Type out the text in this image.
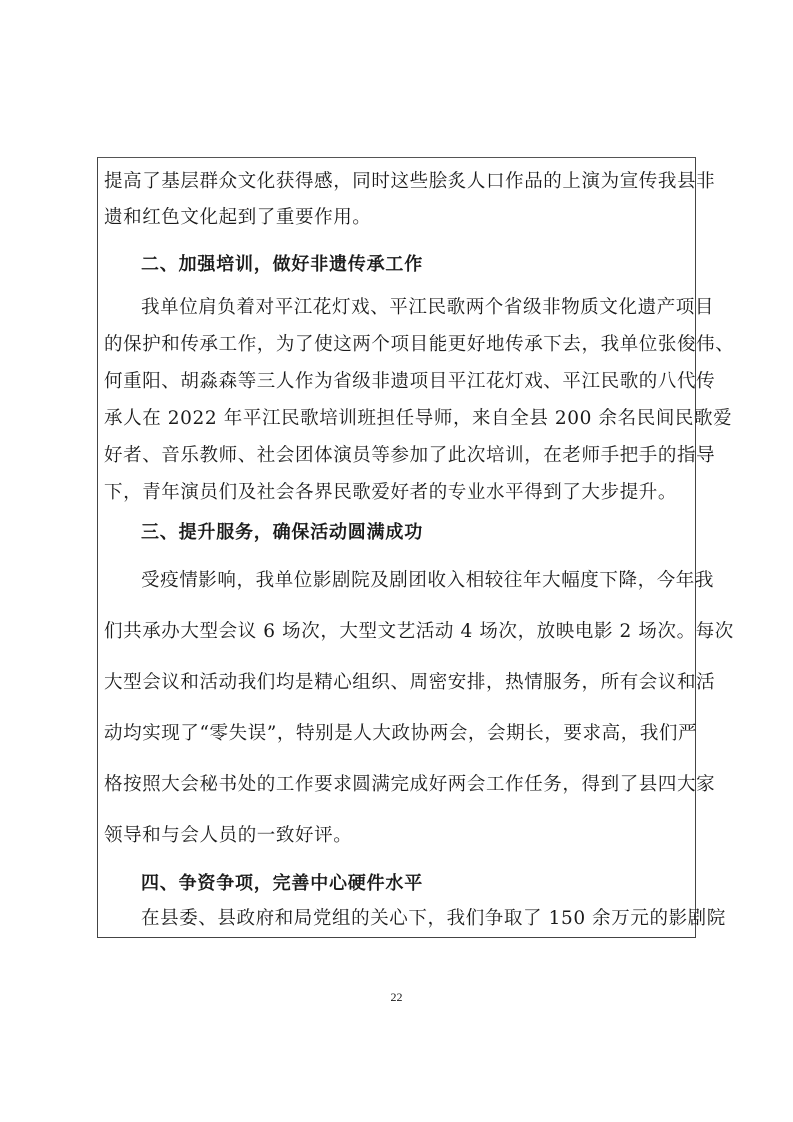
提高了基层群众文化获得感，同时这些脍炙人口作品的上演为宣传我县非
遗和红色文化起到了重要作用。
二、加强培训，做好非遗传承工作
我单位肩负着对平江花灯戏、平江民歌两个省级非物质文化遗产项目
的保护和传承工作，为了使这两个项目能更好地传承下去，我单位张俊伟、
何重阳、胡淼森等三人作为省级非遗项目平江花灯戏、平江民歌的八代传
承人在 2022 年平江民歌培训班担任导师，来自全县 200 余名民间民歌爱
好者、音乐教师、社会团体演员等参加了此次培训，在老师手把手的指导
下，青年演员们及社会各界民歌爱好者的专业水平得到了大步提升。
三、提升服务，确保活动圆满成功
受疫情影响，我单位影剧院及剧团收入相较往年大幅度下降，今年我
们共承办大型会议 6 场次，大型文艺活动 4 场次，放映电影 2 场次。每次
大型会议和活动我们均是精心组织、周密安排，热情服务，所有会议和活
动均实现了“零失误”，特别是人大政协两会，会期长，要求高，我们严
格按照大会秘书处的工作要求圆满完成好两会工作任务，得到了县四大家
领导和与会人员的一致好评。
四、争资争项，完善中心硬件水平
在县委、县政府和局党组的关心下，我们争取了 150 余万元的影剧院
22
